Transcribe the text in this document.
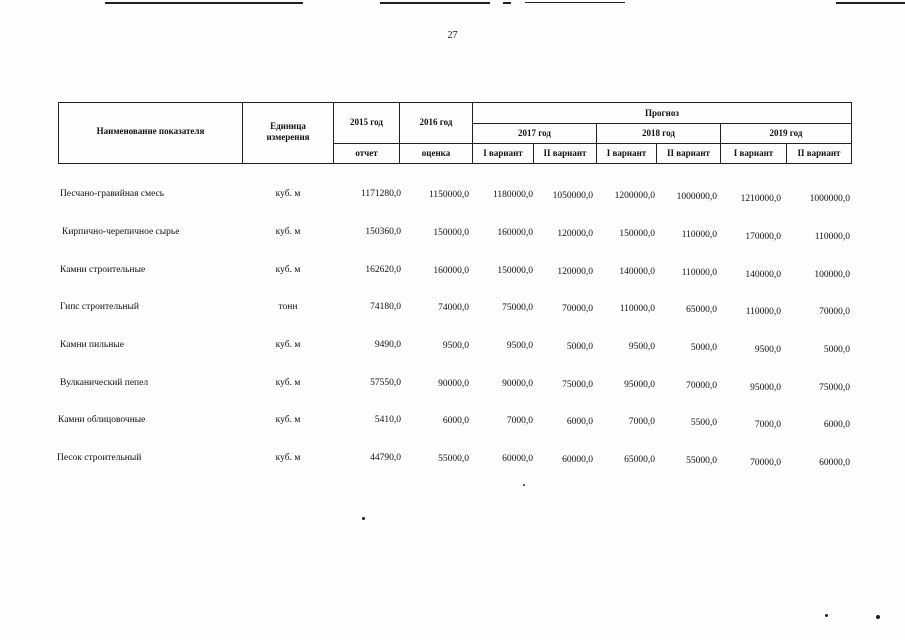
27
Наименование показателя	Единица измерения
2015 год	2016 год
отчет	оценка
Прогноз
2017 год	2018 год	2019 год
I вариант	II вариант	I вариант	II вариант	I вариант	II вариант
Песчано-гравийная смесь	куб. м	1171280,0	1150000,0	1180000,0	1050000,0	1200000,0	1000000,0	1210000,0	1000000,0
Кирпично-черепичное сырье	куб. м	150360,0	150000,0	160000,0	120000,0	150000,0	110000,0	170000,0	110000,0
Камни строительные	куб. м	162620,0	160000,0	150000,0	120000,0	140000,0	110000,0	140000,0	100000,0
Гипс строительный	тонн	74180,0	74000,0	75000,0	70000,0	110000,0	65000,0	110000,0	70000,0
Камни пильные	куб. м	9490,0	9500,0	9500,0	5000,0	9500,0	5000,0	9500,0	5000,0
Вулканический пепел	куб. м	57550,0	90000,0	90000,0	75000,0	95000,0	70000,0	95000,0	75000,0
Камни облицовочные	куб. м	5410,0	6000,0	7000,0	6000,0	7000,0	5500,0	7000,0	6000,0
Песок строительный	куб. м	44790,0	55000,0	60000,0	60000,0	65000,0	55000,0	70000,0	60000,0
